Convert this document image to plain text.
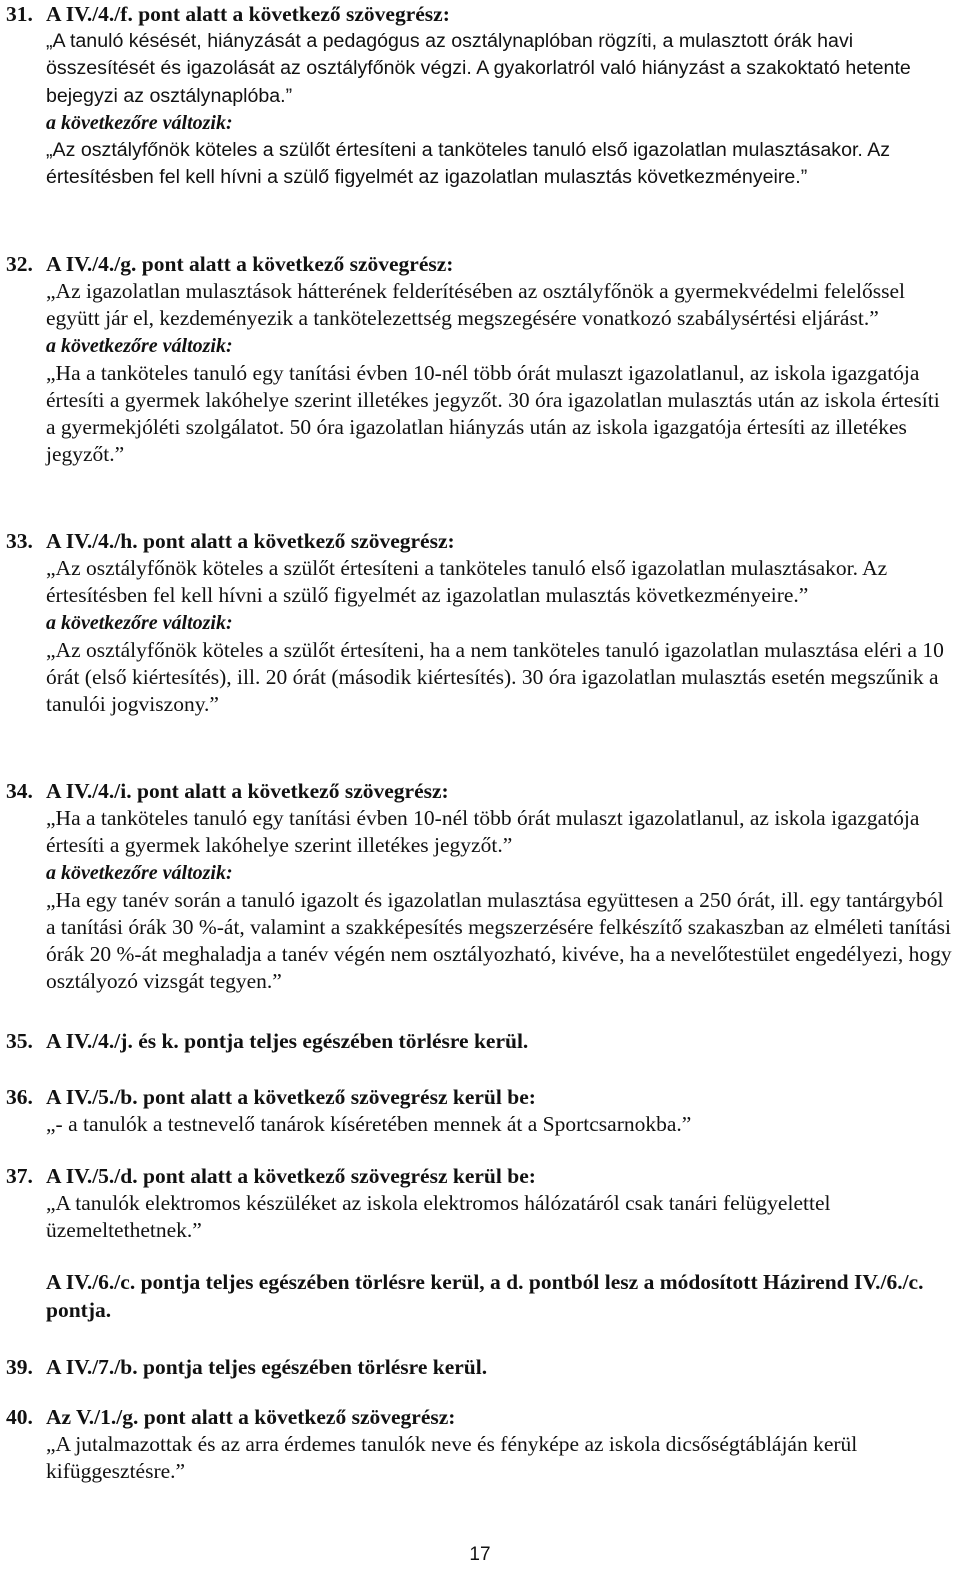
31. A IV./4./f. pont alatt a következő szövegrész:
„A tanuló késését, hiányzását a pedagógus az osztálynaplóban rögzíti, a mulasztott órák havi összesítését és igazolását az osztályfőnök végzi. A gyakorlatról való hiányzást a szakoktató hetente bejegyzi az osztálynaplóba.”
a következőre változik:
„Az osztályfőnök köteles a szülőt értesíteni a tanköteles tanuló első igazolatlan mulasztásakor. Az értesítésben fel kell hívni a szülő figyelmét az igazolatlan mulasztás következményeire.”
32. A IV./4./g. pont alatt a következő szövegrész:
„Az igazolatlan mulasztások hátterének felderítésében az osztályfőnök a gyermekvédelmi felelőssel együtt jár el, kezdeményezik a tankötelezettség megszegésére vonatkozó szabálysértési eljárást.”
a következőre változik:
„Ha a tanköteles tanuló egy tanítási évben 10-nél több órát mulaszt igazolatlanul, az iskola igazgatója értesíti a gyermek lakóhelye szerint illetékes jegyzőt. 30 óra igazolatlan mulasztás után az iskola értesíti a gyermekjóléti szolgálatot. 50 óra igazolatlan hiányzás után az iskola igazgatója értesíti az illetékes jegyzőt.”
33. A IV./4./h. pont alatt a következő szövegrész:
„Az osztályfőnök köteles a szülőt értesíteni a tanköteles tanuló első igazolatlan mulasztásakor. Az értesítésben fel kell hívni a szülő figyelmét az igazolatlan mulasztás következményeire.”
a következőre változik:
„Az osztályfőnök köteles a szülőt értesíteni, ha a nem tanköteles tanuló igazolatlan mulasztása eléri a 10 órát (első kiértesítés), ill. 20 órát (második kiértesítés). 30 óra igazolatlan mulasztás esetén megszűnik a tanulói jogviszony.”
34. A IV./4./i. pont alatt a következő szövegrész:
„Ha a tanköteles tanuló egy tanítási évben 10-nél több órát mulaszt igazolatlanul, az iskola igazgatója értesíti a gyermek lakóhelye szerint illetékes jegyzőt.”
a következőre változik:
„Ha egy tanév során a tanuló igazolt és igazolatlan mulasztása együttesen a 250 órát, ill. egy tantárgyból a tanítási órák 30 %-át, valamint a szakképesítés megszerzésére felkészítő szakaszban az elméleti tanítási órák 20 %-át meghaladja a tanév végén nem osztályozható, kivéve, ha a nevelőtestület engedélyezi, hogy osztályozó vizsgát tegyen.”
35. A IV./4./j. és k. pontja teljes egészében törlésre kerül.
36. A IV./5./b. pont alatt a következő szövegrész kerül be:
„- a tanulók a testnevelő tanárok kíséretében mennek át a Sportcsarnokba.”
37. A IV./5./d. pont alatt a következő szövegrész kerül be:
„A tanulók elektromos készüléket az iskola elektromos hálózatáról csak tanári felügyelettel üzemeltethetnek.”
A IV./6./c. pontja teljes egészében törlésre kerül, a d. pontból lesz a módosított Házirend IV./6./c. pontja.
39. A IV./7./b. pontja teljes egészében törlésre kerül.
40. Az V./1./g. pont alatt a következő szövegrész:
„A jutalmazottak és az arra érdemes tanulók neve és fényképe az iskola dicsőségtábláján kerül kifüggesztésre.”
17
